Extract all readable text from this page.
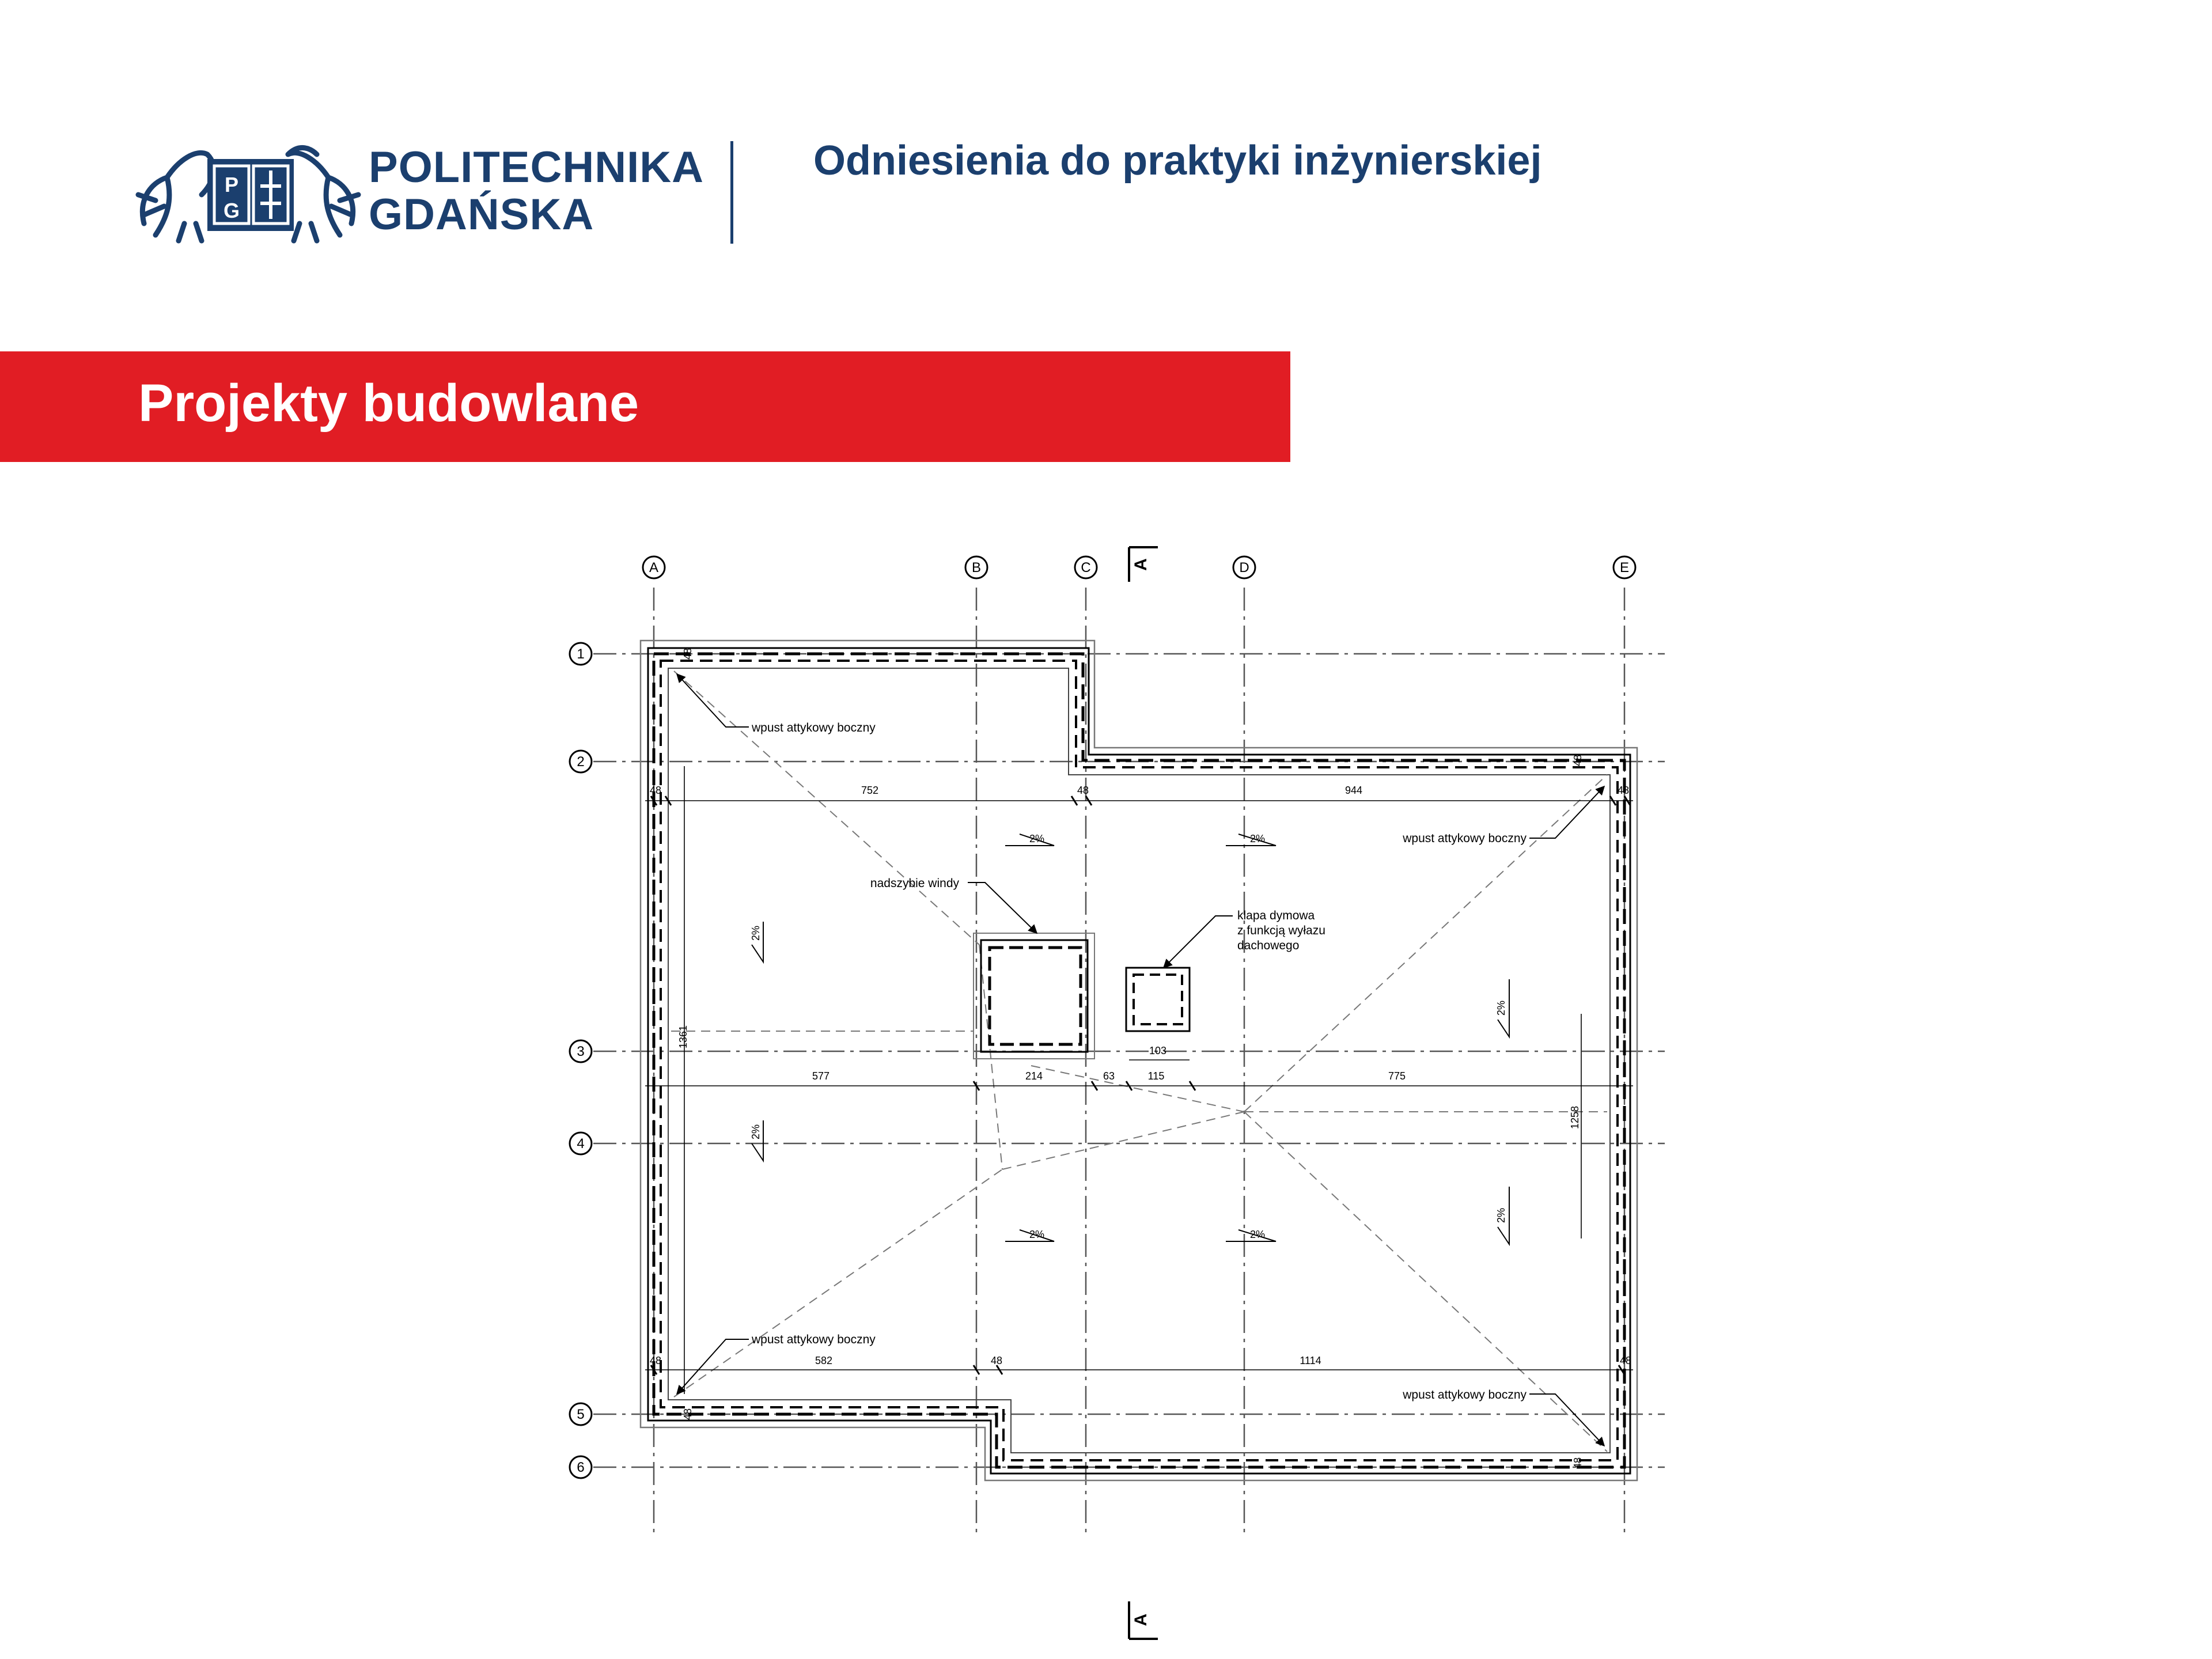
P
G
POLITECHNIKA
GDAŃSKA
Odniesienia do praktyki inżynierskiej
Projekty budowlane
A	B	C	D	E
1
2
3
4
5
6
A
A
48	752	48	944	48
577	214	63	115	775
103
48	582	48	1114	48
1361
1258
48
48
48
48
2%	2%
2%	2%
2%
2%
2%
2%
wpust attykowy boczny
wpust attykowy boczny
wpust attykowy boczny
wpust attykowy boczny
nadszybie windy
klapa dymowa
z funkcją wyłazu
dachowego
